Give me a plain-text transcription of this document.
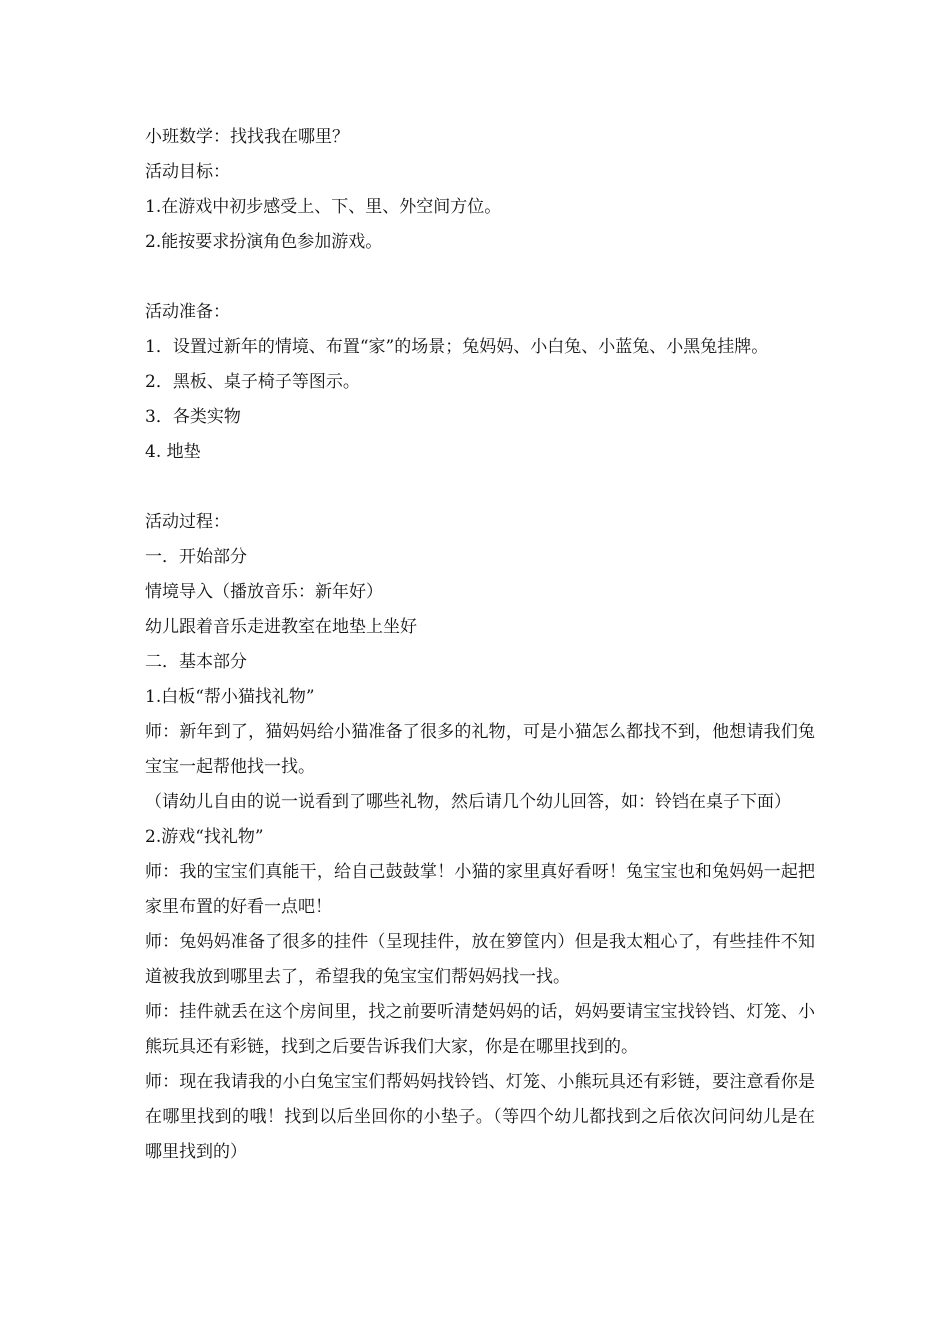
小班数学：找找我在哪里？
活动目标：
1.在游戏中初步感受上、下、里、外空间方位。
2.能按要求扮演角色参加游戏。
活动准备：
1．设置过新年的情境、布置“家”的场景；兔妈妈、小白兔、小蓝兔、小黑兔挂牌。
2．黑板、桌子椅子等图示。
3．各类实物
4. 地垫
活动过程：
一．开始部分
情境导入（播放音乐：新年好）
幼儿跟着音乐走进教室在地垫上坐好
二．基本部分
1.白板“帮小猫找礼物”
师：新年到了，猫妈妈给小猫准备了很多的礼物，可是小猫怎么都找不到，他想请我们兔宝宝一起帮他找一找。
（请幼儿自由的说一说看到了哪些礼物，然后请几个幼儿回答，如：铃铛在桌子下面）
2.游戏“找礼物”
师：我的宝宝们真能干，给自己鼓鼓掌！小猫的家里真好看呀！兔宝宝也和兔妈妈一起把家里布置的好看一点吧！
师：兔妈妈准备了很多的挂件（呈现挂件，放在箩筐内）但是我太粗心了，有些挂件不知道被我放到哪里去了，希望我的兔宝宝们帮妈妈找一找。
师：挂件就丢在这个房间里，找之前要听清楚妈妈的话，妈妈要请宝宝找铃铛、灯笼、小熊玩具还有彩链，找到之后要告诉我们大家，你是在哪里找到的。
师：现在我请我的小白兔宝宝们帮妈妈找铃铛、灯笼、小熊玩具还有彩链，要注意看你是在哪里找到的哦！找到以后坐回你的小垫子。（等四个幼儿都找到之后依次问问幼儿是在哪里找到的）
